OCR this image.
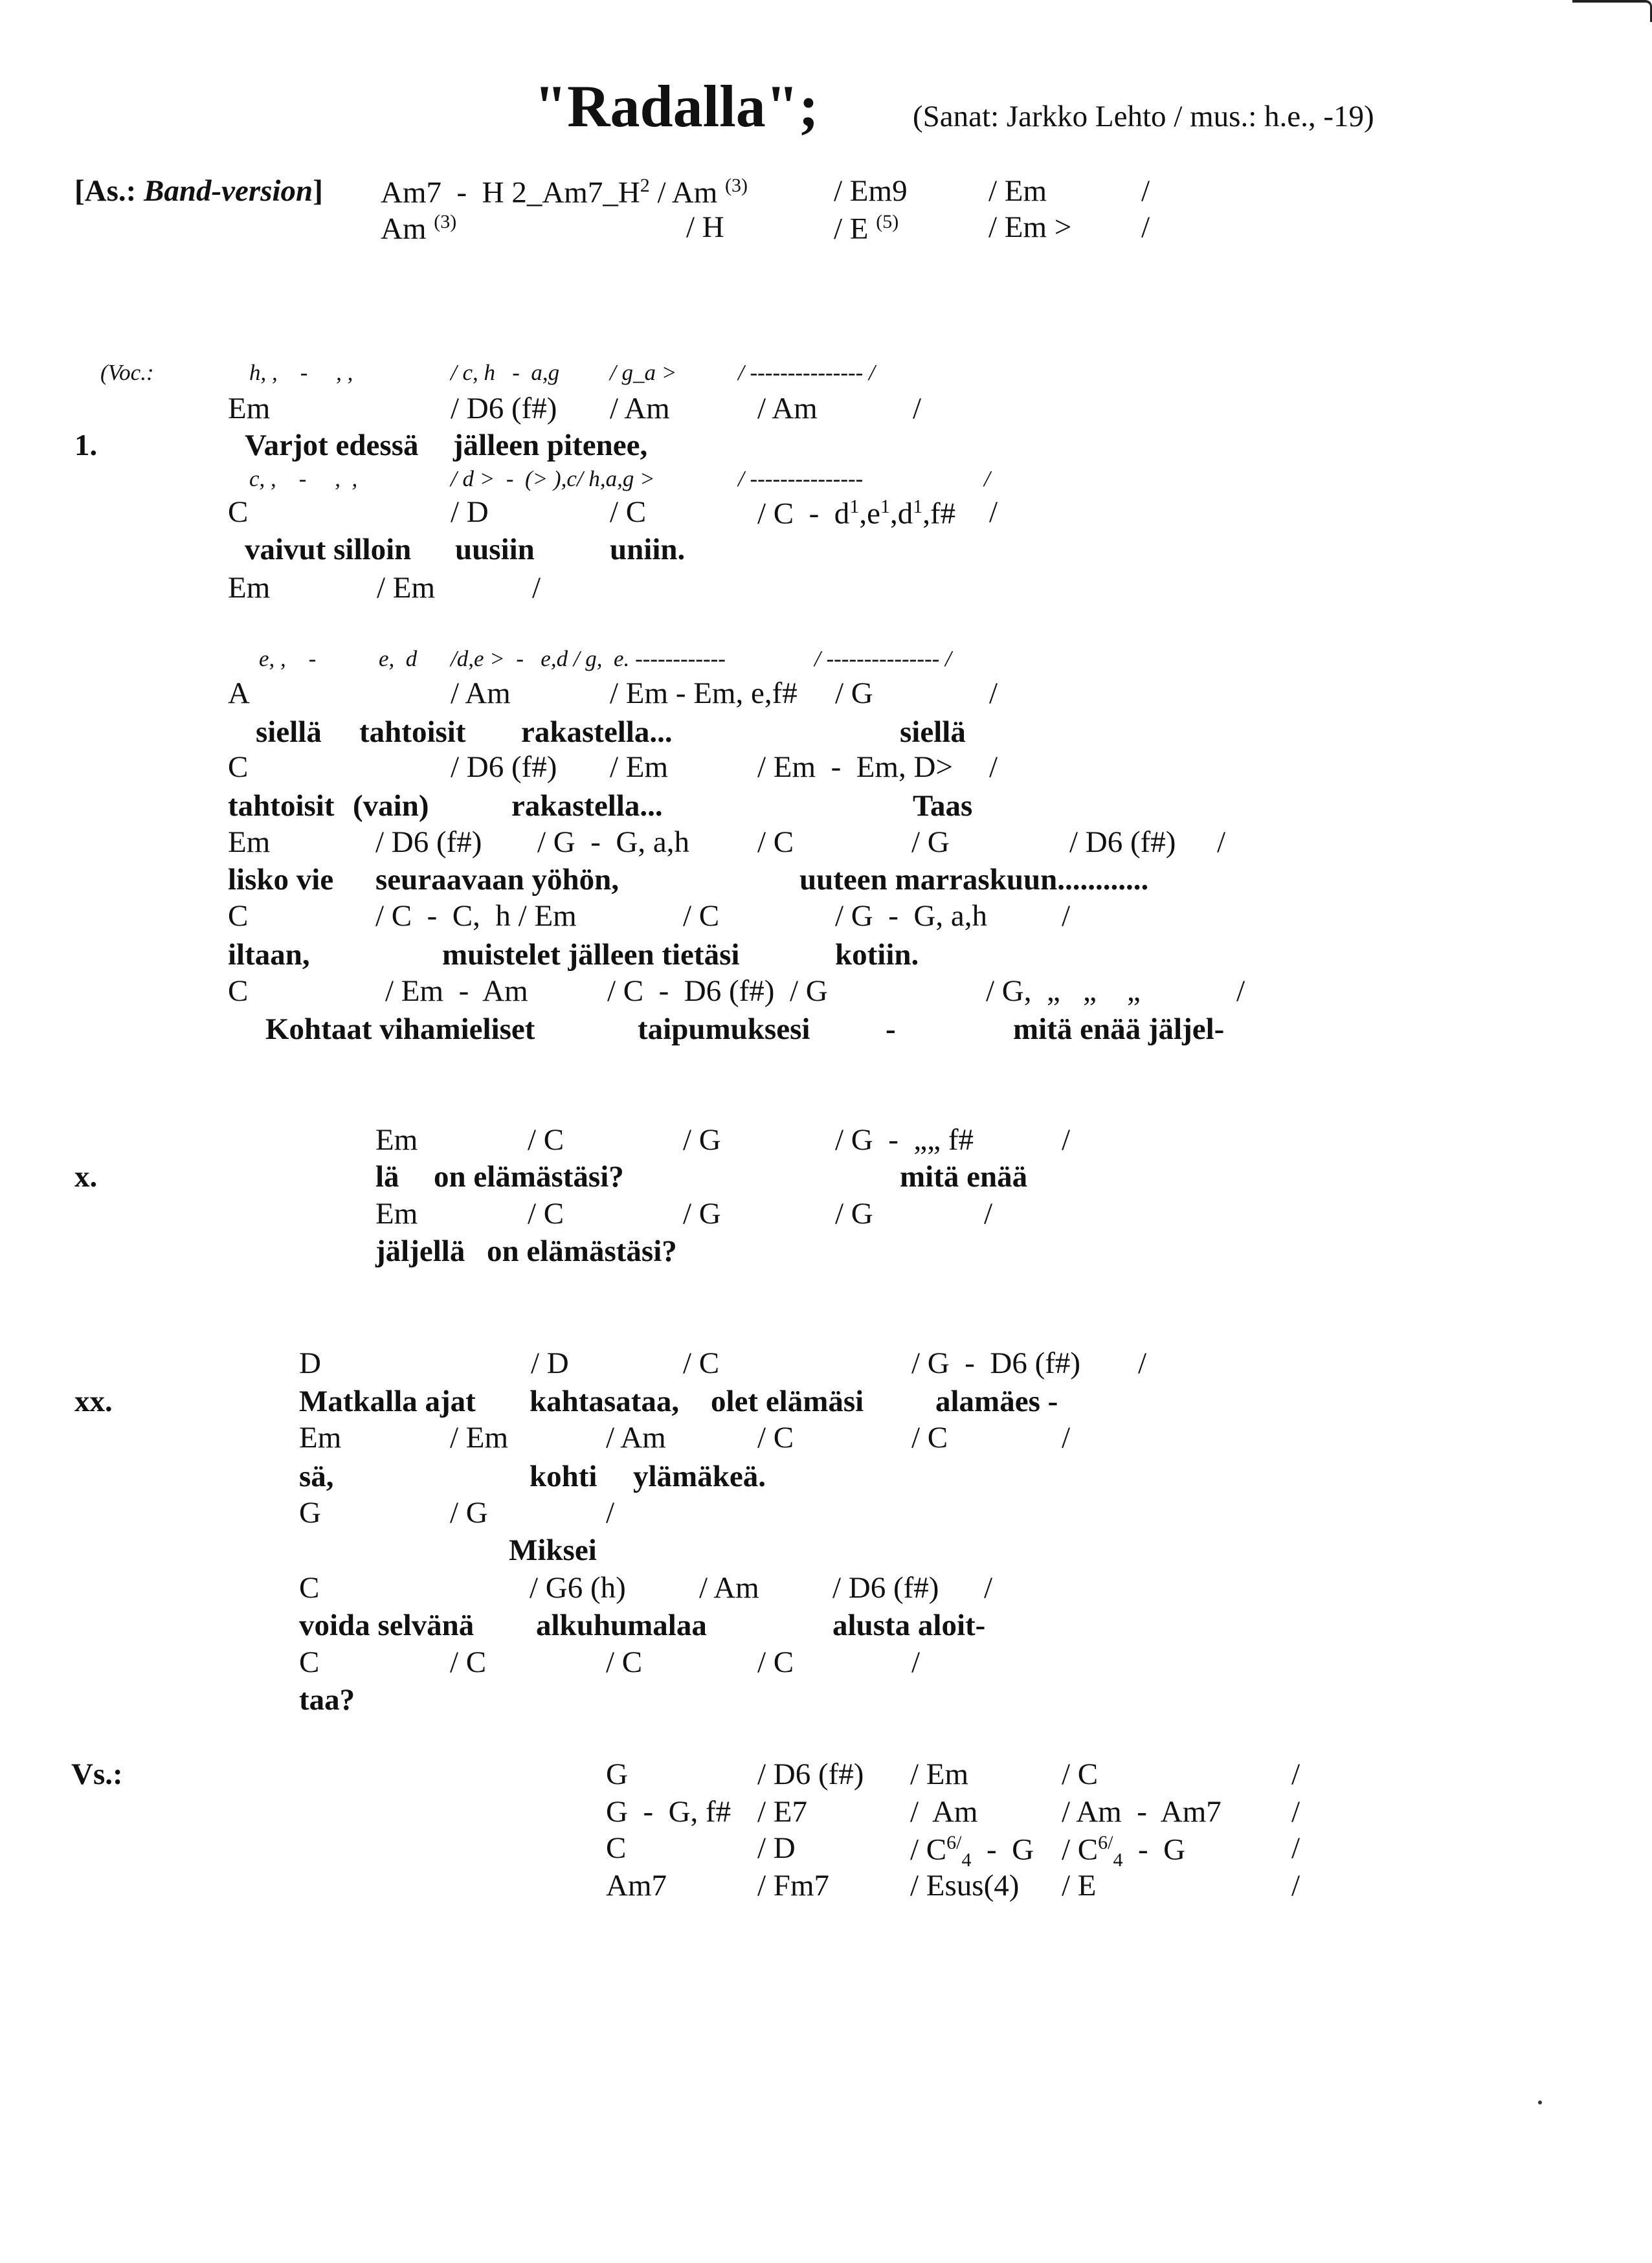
"Radalla";	(Sanat: Jarkko Lehto / mus.: h.e., -19)
[As.: Band-version] Am7  -  H $2\_Am7\_H^2$ / Am $^{(3)}$	/ Em9	/ Em	/
Am $^{(3)}$	/ H	/ E $^{(5)}$	/ Em > /
(Voc.:	h, ,    -     , ,	/ c, h   -  a,g / g_a >	/ --------------- /
Em	/ D6 (f#) / Am	/ Am	/
1.	Varjot edessä jälleen pitenee,
c, ,    -     ,  ,	/ d >  -  (> ),c/ h,a,g >	/ ---------------	/
C	/ D	/ C	/ C  -  $d^1,e^1,d^1,f\#$ /
vaivut silloin uusiin uniin.
Em	/ Em	/
e, ,    -	e,  d /d,e >  -   e,d / g,  e. ------------	/ --------------- /
A	/ Am	/ Em - Em, e,f# / G	/
siellä tahtoisit rakastella...	siellä
C	/ D6 (f#) / Em	/ Em  -  Em, D> /
tahtoisit (vain)	rakastella...	Taas
Em	/ D6 (f#) / G  -  G, a,h / C	/ G	/ D6 (f#) /
lisko vie seuraavaan yöhön,	uuteen marraskuun............
C	/ C  -  C,  h / Em	/ C	/ G  -  G, a,h /
iltaan,	muistelet jälleen tietäsi	kotiin.
C	/ Em  -  Am	/ C  -  D6 (f#)  / G	/ G,  „   „    „	/
Kohtaat vihamieliset	taipumuksesi -	mitä enää jäljel-
Em	/ C	/ G	/ G  -  „„ f#	/
x.	lä on elämästäsi?	mitä enää
Em	/ C	/ G	/ G	/
jäljellä on elämästäsi?
D	/ D	/ C	/ G  -  D6 (f#) /
xx.	Matkalla ajat kahtasataa, olet elämäsi alamäes -
Em	/ Em	/ Am	/ C	/ C	/
sä,	kohti ylämäkeä.
G	/ G	/
Miksei
C	/ G6 (h) / Am / D6 (f#) /
voida selvänä alkuhumalaa	alusta aloit-
C	/ C	/ C	/ C	/
taa?
Vs.:	G	/ D6 (f#) / Em	/ C	/
G  -  G, f# / E7	/  Am	/ Am  -  Am7 /
C	/ D	/ $C^{6/}_4$  -  G / $C^{6/}_4$  -  G	/
Am7	/ Fm7	/ Esus(4) / E	/
